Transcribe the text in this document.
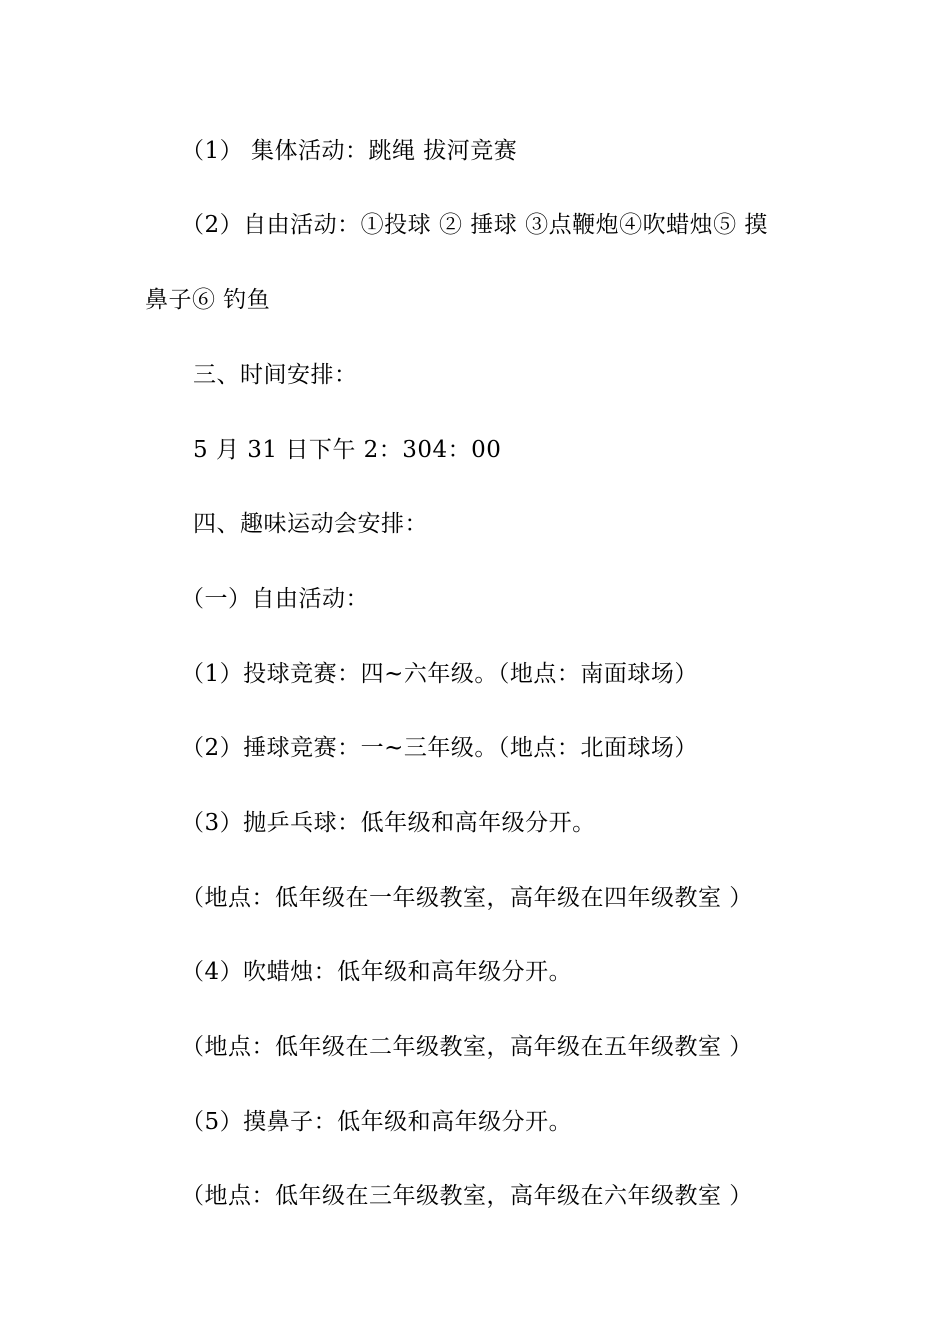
（1） 集体活动：跳绳 拔河竞赛
（2）自由活动：①投球 ② 捶球 ③点鞭炮④吹蜡烛⑤ 摸
鼻子⑥ 钓鱼
三、时间安排：
5 月 31 日下午 2：304：00
四、趣味运动会安排：
（一）自由活动：
（1）投球竞赛：四~六年级。（地点：南面球场）
（2）捶球竞赛：一~三年级。（地点：北面球场）
（3）抛乒乓球：低年级和高年级分开。
（地点：低年级在一年级教室，高年级在四年级教室 ）
（4）吹蜡烛：低年级和高年级分开。
（地点：低年级在二年级教室，高年级在五年级教室 ）
（5）摸鼻子：低年级和高年级分开。
（地点：低年级在三年级教室，高年级在六年级教室 ）
